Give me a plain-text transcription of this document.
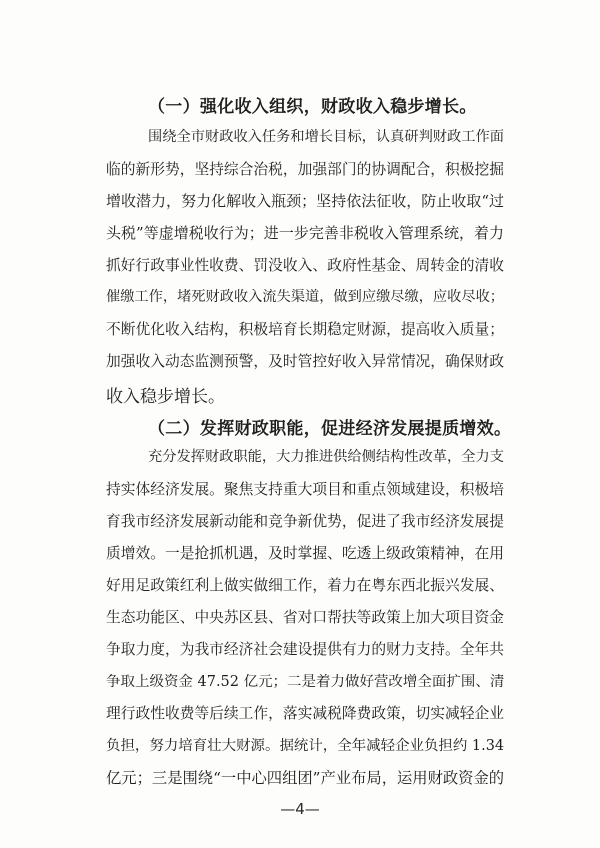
（一）强化收入组织，财政收入稳步增长。
围绕全市财政收入任务和增长目标，认真研判财政工作面
临的新形势，坚持综合治税，加强部门的协调配合，积极挖掘
增收潜力，努力化解收入瓶颈；坚持依法征收，防止收取“过
头税”等虚增税收行为；进一步完善非税收入管理系统，着力
抓好行政事业性收费、罚没收入、政府性基金、周转金的清收
催缴工作，堵死财政收入流失渠道，做到应缴尽缴，应收尽收；
不断优化收入结构，积极培育长期稳定财源，提高收入质量；
加强收入动态监测预警，及时管控好收入异常情况，确保财政
收入稳步增长。
（二）发挥财政职能，促进经济发展提质增效。
充分发挥财政职能，大力推进供给侧结构性改革，全力支
持实体经济发展。聚焦支持重大项目和重点领域建设，积极培
育我市经济发展新动能和竞争新优势，促进了我市经济发展提
质增效。一是抢抓机遇，及时掌握、吃透上级政策精神，在用
好用足政策红利上做实做细工作，着力在粤东西北振兴发展、
生态功能区、中央苏区县、省对口帮扶等政策上加大项目资金
争取力度，为我市经济社会建设提供有力的财力支持。全年共
争取上级资金 47.52 亿元；二是着力做好营改增全面扩围、清
理行政性收费等后续工作，落实减税降费政策，切实减轻企业
负担，努力培育壮大财源。据统计，全年减轻企业负担约 1.34
亿元；三是围绕“一中心四组团”产业布局，运用财政资金的
—4—
